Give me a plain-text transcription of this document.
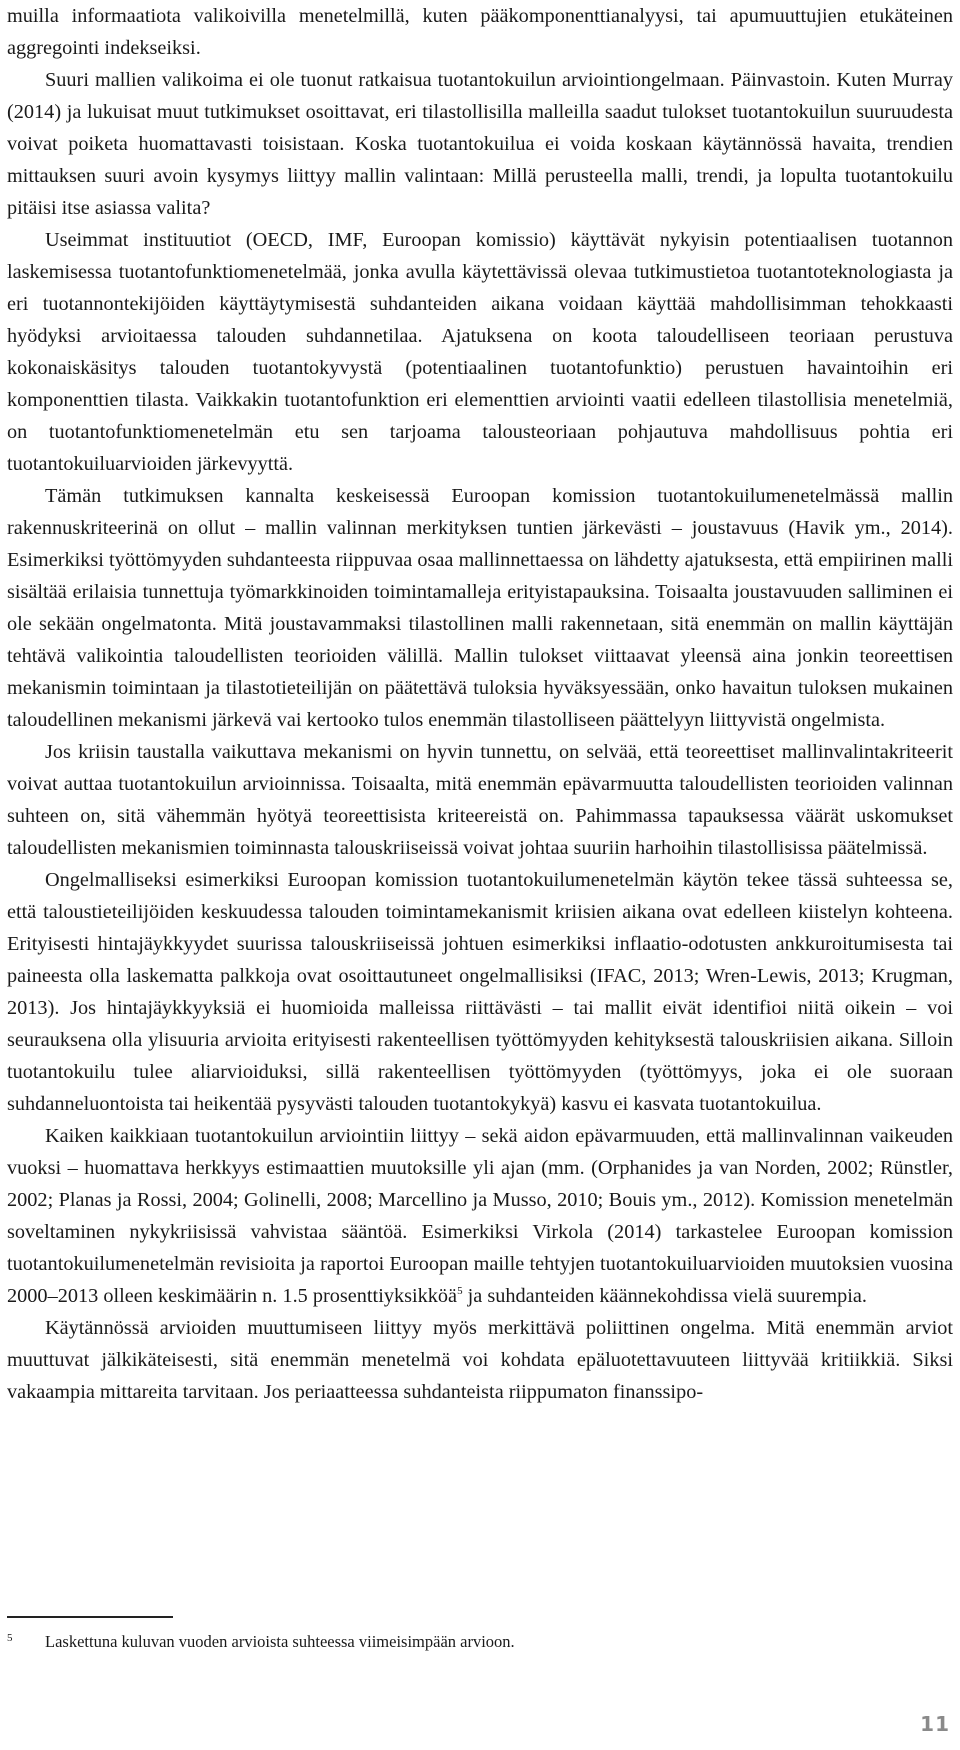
muilla informaatiota valikoivilla menetelmillä, kuten pääkomponenttianalyysi, tai apumuuttujien etukäteinen aggregointi indekseiksi.

Suuri mallien valikoima ei ole tuonut ratkaisua tuotantokuilun arviointiongelmaan. Päinvastoin. Kuten Murray (2014) ja lukuisat muut tutkimukset osoittavat, eri tilastollisilla malleilla saadut tulokset tuotantokuilun suuruudesta voivat poiketa huomattavasti toisistaan. Koska tuotantokuilua ei voida koskaan käytännössä havaita, trendien mittauksen suuri avoin kysymys liittyy mallin valintaan: Millä perusteella malli, trendi, ja lopulta tuotantokuilu pitäisi itse asiassa valita?

Useimmat instituutiot (OECD, IMF, Euroopan komissio) käyttävät nykyisin potentiaalisen tuotannon laskemisessa tuotantofunktiomenetelmää, jonka avulla käytettävissä olevaa tutkimustietoa tuotantoteknologiasta ja eri tuotannontekijöiden käyttäytymisestä suhdanteiden aikana voidaan käyttää mahdollisimman tehokkaasti hyödyksi arvioitaessa talouden suhdannetilaa. Ajatuksena on koota taloudelliseen teoriaan perustuva kokonaiskäsitys talouden tuotantokyvystä (potentiaalinen tuotantofunktio) perustuen havaintoihin eri komponenttien tilasta. Vaikkakin tuotantofunktion eri elementtien arviointi vaatii edelleen tilastollisia menetelmiä, on tuotantofunktiomenetelmän etu sen tarjoama talousteoriaan pohjautuva mahdollisuus pohtia eri tuotantokuiluarvioiden järkevyyttä.

Tämän tutkimuksen kannalta keskeisessä Euroopan komission tuotantokuilumenetelmässä mallin rakennuskriteerinä on ollut – mallin valinnan merkityksen tuntien järkevästi – joustavuus (Havik ym., 2014). Esimerkiksi työttömyyden suhdanteesta riippuvaa osaa mallinnettaessa on lähdetty ajatuksesta, että empiirinen malli sisältää erilaisia tunnettuja työmarkkinoiden toimintamalleja erityistapauksina. Toisaalta joustavuuden salliminen ei ole sekään ongelmatonta. Mitä joustavammaksi tilastollinen malli rakennetaan, sitä enemmän on mallin käyttäjän tehtävä valikointia taloudellisten teorioiden välillä. Mallin tulokset viittaavat yleensä aina jonkin teoreettisen mekanismin toimintaan ja tilastotieteilijän on päätettävä tuloksia hyväksyessään, onko havaitun tuloksen mukainen taloudellinen mekanismi järkevä vai kertooko tulos enemmän tilastolliseen päättelyyn liittyvistä ongelmista.

Jos kriisin taustalla vaikuttava mekanismi on hyvin tunnettu, on selvää, että teoreettiset mallinvalintakriteerit voivat auttaa tuotantokuilun arvioinnissa. Toisaalta, mitä enemmän epävarmuutta taloudellisten teorioiden valinnan suhteen on, sitä vähemmän hyötyä teoreettisista kriteereistä on. Pahimmassa tapauksessa väärät uskomukset taloudellisten mekanismien toiminnasta talouskriiseissä voivat johtaa suuriin harhoihin tilastollisissa päätelmissä.

Ongelmalliseksi esimerkiksi Euroopan komission tuotantokuilumenetelmän käytön tekee tässä suhteessa se, että taloustieteilijöiden keskuudessa talouden toimintamekanismit kriisien aikana ovat edelleen kiistelyn kohteena. Erityisesti hintajäykkyydet suurissa talouskriiseissä johtuen esimerkiksi inflaatio-odotusten ankkuroitumisesta tai paineesta olla laskematta palkkoja ovat osoittautuneet ongelmallisiksi (IFAC, 2013; Wren-Lewis, 2013; Krugman, 2013). Jos hintajäykkyyksiä ei huomioida malleissa riittävästi – tai mallit eivät identifioi niitä oikein – voi seurauksena olla ylisuuria arvioita erityisesti rakenteellisen työttömyyden kehityksestä talouskriisien aikana. Silloin tuotantokuilu tulee aliarvioiduksi, sillä rakenteellisen työttömyyden (työttömyys, joka ei ole suoraan suhdanneluontoista tai heikentää pysyvästi talouden tuotantokykyä) kasvu ei kasvata tuotantokuilua.

Kaiken kaikkiaan tuotantokuilun arviointiin liittyy – sekä aidon epävarmuuden, että mallinvalinnan vaikeuden vuoksi – huomattava herkkyys estimaattien muutoksille yli ajan (mm. (Orphanides ja van Norden, 2002; Rünstler, 2002; Planas ja Rossi, 2004; Golinelli, 2008; Marcellino ja Musso, 2010; Bouis ym., 2012). Komission menetelmän soveltaminen nykykriisissä vahvistaa sääntöä. Esimerkiksi Virkola (2014) tarkastelee Euroopan komission tuotantokuilumenetelmän revisioita ja raportoi Euroopan maille tehtyjen tuotantokuiluarvioiden muutoksien vuosina 2000–2013 olleen keskimäärin n. 1.5 prosenttiyksikköä$^5$ ja suhdanteiden käännekohdissa vielä suurempia.

Käytännössä arvioiden muuttumiseen liittyy myös merkittävä poliittinen ongelma. Mitä enemmän arviot muuttuvat jälkikäteisesti, sitä enemmän menetelmä voi kohdata epäluotettavuuteen liittyvää kritiikkiä. Siksi vakaampia mittareita tarvitaan. Jos periaatteessa suhdanteista riippumaton finanssipo-

5 Laskettuna kuluvan vuoden arvioista suhteessa viimeisimpään arvioon.
11
